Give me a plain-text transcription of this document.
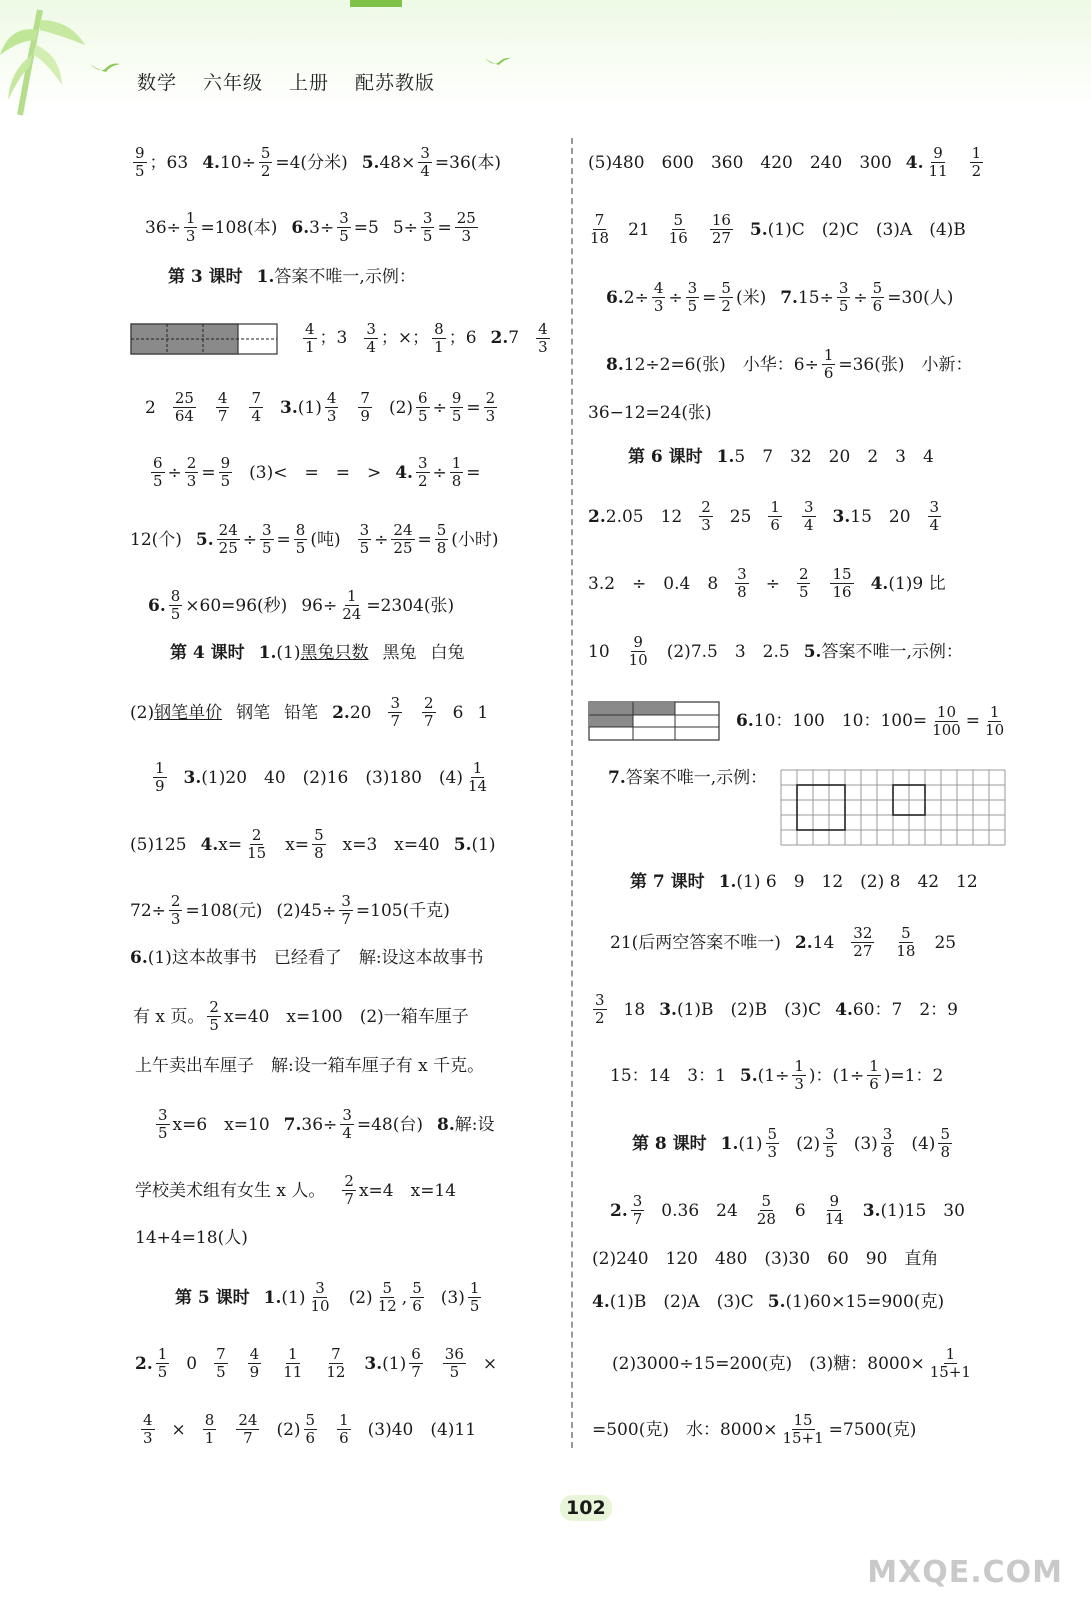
数学 六年级 上册 配苏教版
$\frac{9}{5}$ ；63 4. $10\div \frac{5}{2} =4$(分米) 5. $48\times \frac{3}{4} =36$(本)
$36\div \frac{1}{3} =108$(本) 6. $3\div \frac{3}{5} =5$ $5\div \frac{3}{5} = \frac{25}{3}$
第 3 课时 1. 答案不唯一,示例：
$\frac{4}{1}$ ；$3 \frac{3}{4}$ ；×； $\frac{8}{1}$ ；6 2. $7 \frac{4}{3}$
$2 \frac{25}{64} \frac{4}{7} \frac{7}{4} 3$. $(1) \frac{4}{3} \frac{7}{9} (2) \frac{6}{5} \div \frac{9}{5} = \frac{2}{3}$
$\frac{6}{5} \div \frac{2}{3} = \frac{9}{5} (3)<$　=　=　> 4. $\frac{3}{2} \div \frac{1}{8}$ =
12(个) 5. $\frac{24}{25} \div \frac{3}{5} = \frac{8}{5}$ (吨) $\frac{3}{5} \div \frac{24}{25} = \frac{5}{8}$ (小时)
6. $\frac{8}{5} \times 60=96$(秒) $96\div \frac{1}{24} =2304$(张)
第 4 课时 1. (1) 黑兔只数 黑兔 白兔
(2) 钢笔单价 钢笔 铅笔 2. $20 \frac{3}{7} \frac{2}{7} 6$ 1
$\frac{1}{9} 3$. (1)20　40　(2)16　(3)180　$(4) \frac{1}{14}$
(5)125 4. $x= \frac{2}{15} x= \frac{5}{8} x=3$　x=40 5. (1)
$72\div \frac{2}{3} =108$(元) $(2)45\div \frac{3}{7} =105$(千克)
6. (1)这本故事书　已经看了　解:设这本故事书
有 x 页。 $\frac{2}{5} x=40$　x=100　(2)一箱车厘子
上午卖出车厘子　解:设一箱车厘子有 x 千克。
$\frac{3}{5} x=6$　x=10 7. $36\div \frac{3}{4} =48$(台) 8. 解:设
学校美术组有女生 x 人。 $\frac{2}{7} x=4$　x=14
14+4=18(人)
第 5 课时 1. $(1) \frac{3}{10} (2) \frac{5}{12}$ , $\frac{5}{6} (3) \frac{1}{5}$
2. $\frac{1}{5} 0 \frac{7}{5} \frac{4}{9} \frac{1}{11} \frac{7}{12} 3$. $(1) \frac{6}{7} \frac{36}{5}$ ×
$\frac{4}{3} \times \frac{8}{1} \frac{24}{7} (2) \frac{5}{6} \frac{1}{6} (3)40$　(4)11
(5)480　600　360　420　240　300 4. $\frac{9}{11} \frac{1}{2}$
$\frac{7}{18} 21 \frac{5}{16} \frac{16}{27} 5$. (1)C　(2)C　(3)A　(4)B
6. $2\div \frac{4}{3} \div \frac{3}{5} = \frac{5}{2}$ (米) 7. $15\div \frac{3}{5} \div \frac{5}{6} =30$(人)
8. 12÷2=6(张)　小华：$6\div \frac{1}{6} =36$(张)　小新：
36−12=24(张)
第 6 课时 1. 5　7　32　20　2　3　4
2. 2.05　$12 \frac{2}{3} 25 \frac{1}{6} \frac{3}{4} 3$. 15　$20 \frac{3}{4}$
3.2　÷　0.4　$8 \frac{3}{8} \div \frac{2}{5} \frac{15}{16} 4$. (1)9 比
$10 \frac{9}{10} (2)7.5$　3　2.5 5. 答案不唯一,示例：
6. 10：100　10：$100= \frac{10}{100} = \frac{1}{10}$
7. 答案不唯一,示例：
第 7 课时 1. (1) 6　9　12　(2) 8　42　12
21(后两空答案不唯一) 2. $14 \frac{32}{27} \frac{5}{18} 25$
$\frac{3}{2} 18$ 3. (1)B　(2)B　(3)C 4. 60：7　2：9
15：14　3：1 5. ($1\div \frac{1}{3}$ )：$(1\div \frac{1}{6} )=1$：2
第 8 课时 1. $(1) \frac{5}{3} (2) \frac{3}{5} (3) \frac{3}{8} (4) \frac{5}{8}$
2. $\frac{3}{7} 0.36$　$24 \frac{5}{28} 6 \frac{9}{14} 3$. (1)15　30
(2)240　120　480　(3)30　60　90　直角
4. (1)B　(2)A　(3)C 5. (1)60×15=900(克)
(2)3000÷15=200(克)　(3)糖：$8000\times \frac{1}{15+1}$
=500(克)　水：$8000\times \frac{15}{15+1} =7500$(克)
102
MXQE.COM
